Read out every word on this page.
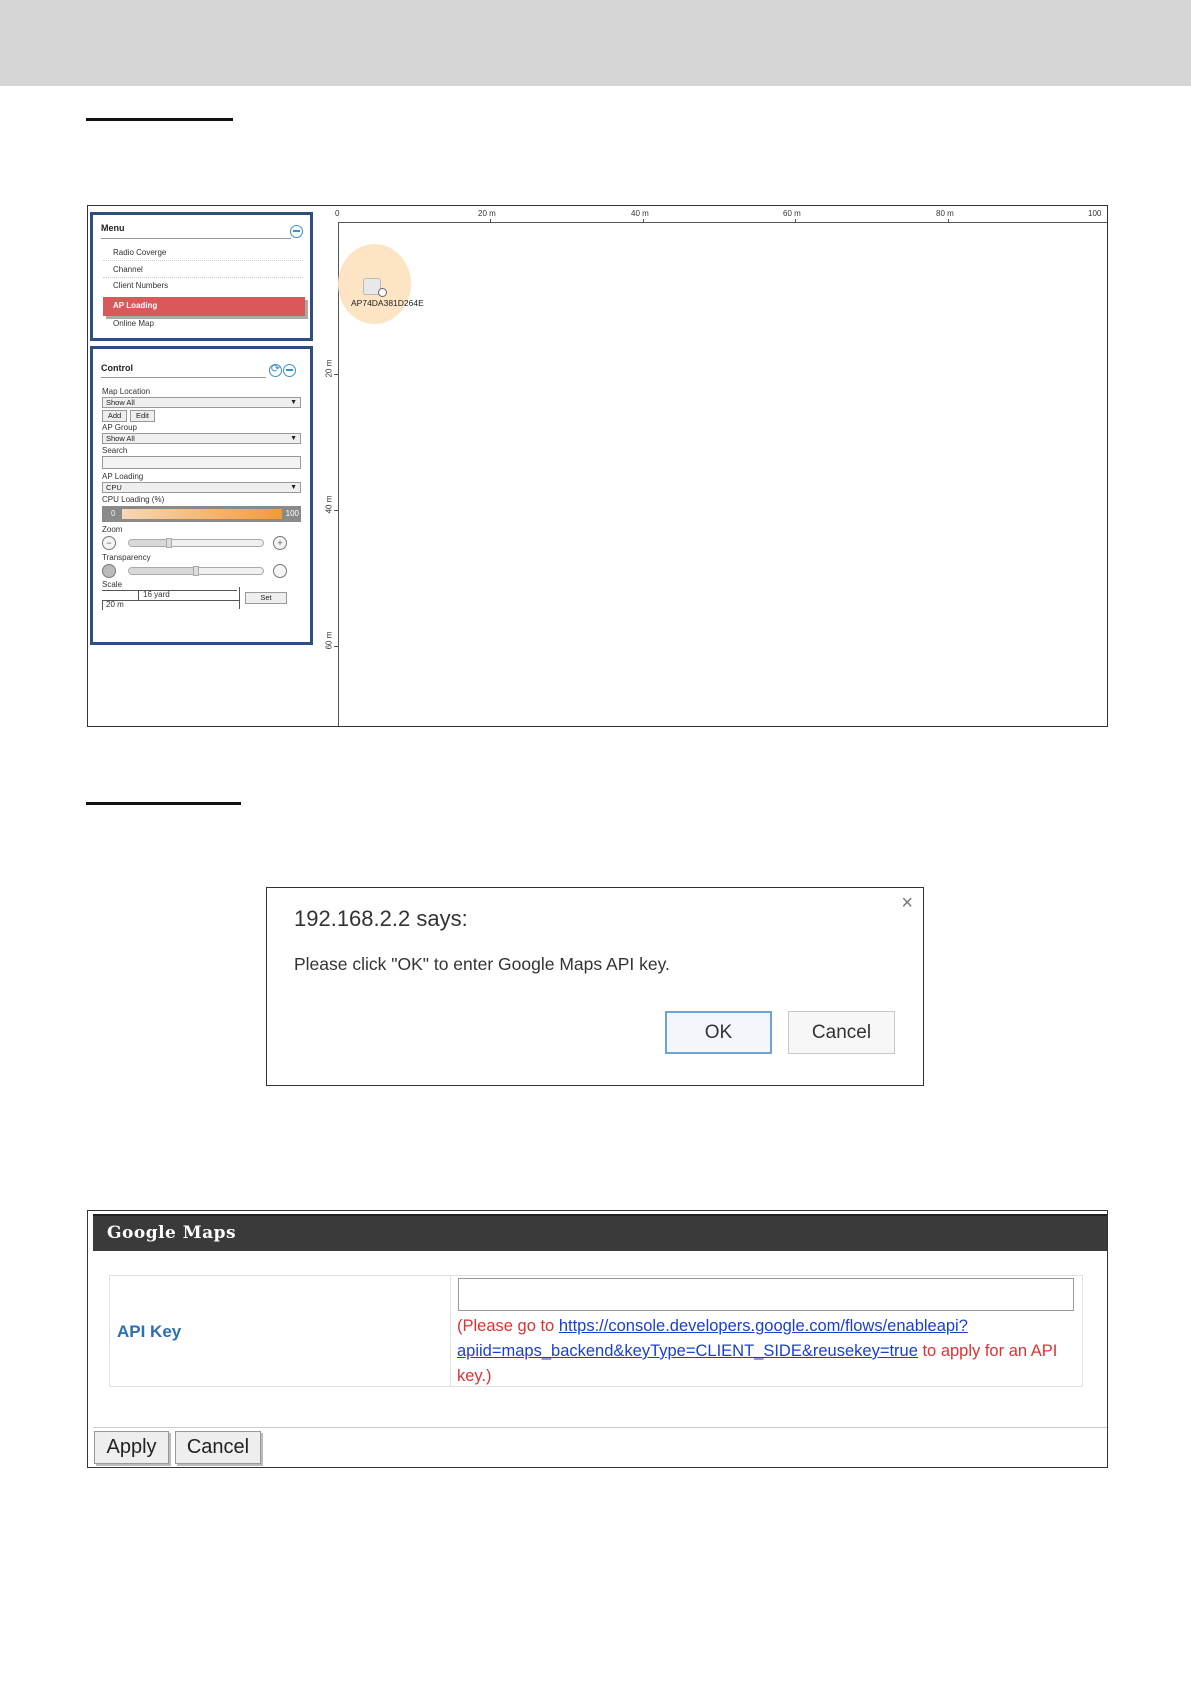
Menu
Radio Coverge
Channel
Client Numbers
AP Loading
Online Map
Control
⟳
Map Location
Show All	▼
Add	Edit
AP Group
Show All	▼
Search
AP Loading
CPU	▼
CPU Loading (%)
0	100
Zoom
−	+
Transparency
Scale
16 yard
20 m
Set
0	20 m	40 m	60 m	80 m	100
20 m
40 m
60 m
AP74DA381D264E
×
192.168.2.2 says:
Please click "OK" to enter Google Maps API key.
OK	Cancel
Google Maps
API Key	(Please go to https://console.developers.google.com/flows/enableapi?
apiid=maps_backend&keyType=CLIENT_SIDE&reusekey=true to apply for an API key.)
Apply	Cancel
